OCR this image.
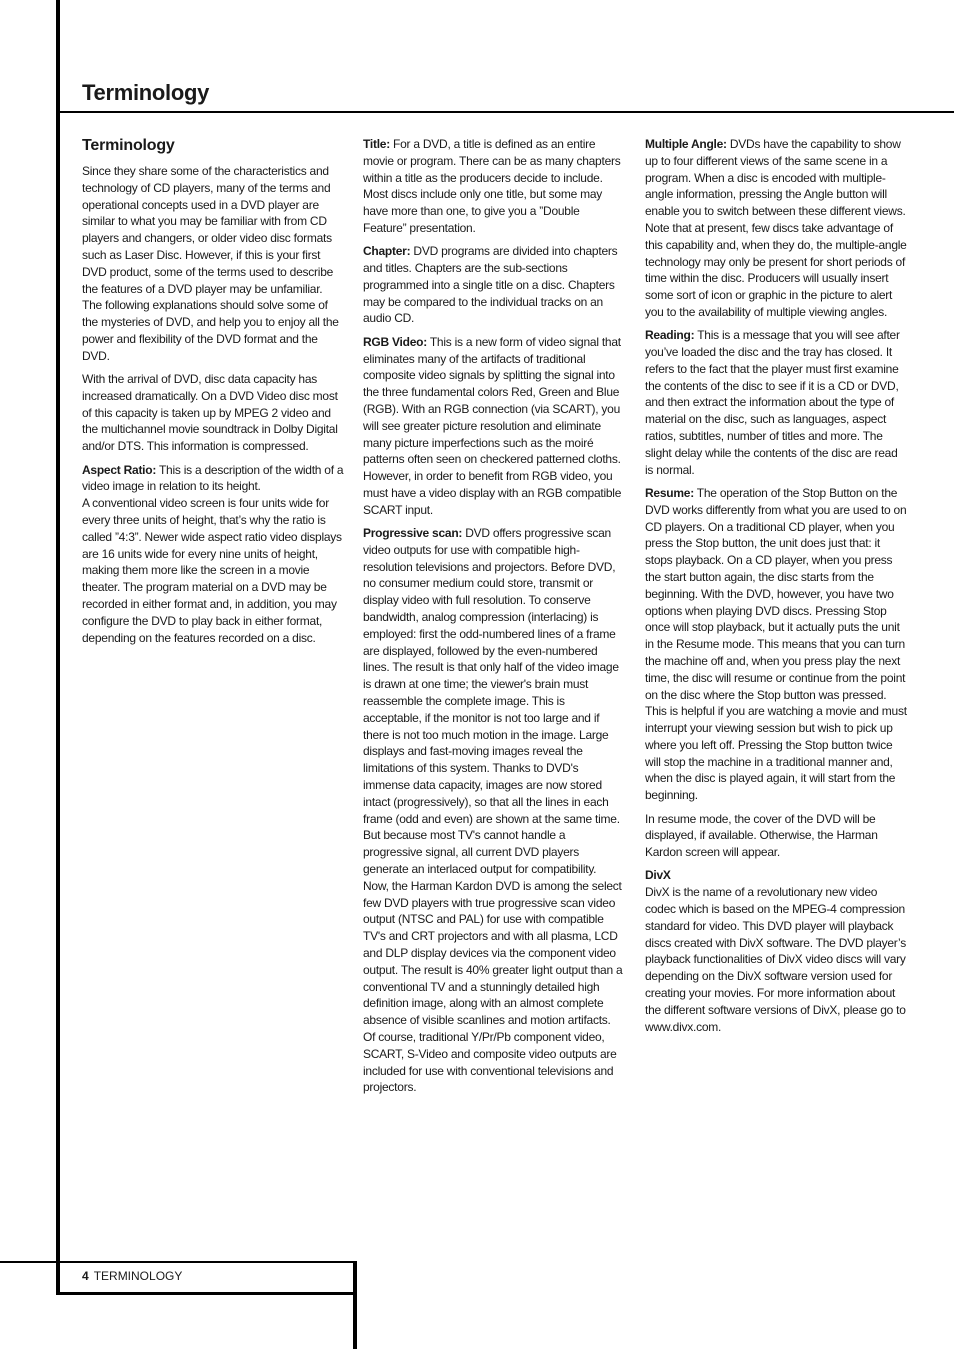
Terminology
Terminology

Since they share some of the characteristics and technology of CD players, many of the terms and operational concepts used in a DVD player are similar to what you may be familiar with from CD players and changers, or older video disc formats such as Laser Disc. However, if this is your first DVD product, some of the terms used to describe the features of a DVD player may be unfamiliar. The following explanations should solve some of the mysteries of DVD, and help you to enjoy all the power and flexibility of the DVD format and the DVD.

With the arrival of DVD, disc data capacity has increased dramatically. On a DVD Video disc most of this capacity is taken up by MPEG 2 video and the multichannel movie soundtrack in Dolby Digital and/or DTS. This information is compressed.

Aspect Ratio: This is a description of the width of a video image in relation to its height.
A conventional video screen is four units wide for every three units of height, that’s why the ratio is called ”4:3”. Newer wide aspect ratio video displays are 16 units wide for every nine units of height, making them more like the screen in a movie theater. The program material on a DVD may be recorded in either format and, in addition, you may configure the DVD to play back in either format, depending on the features recorded on a disc.

Title: For a DVD, a title is defined as an entire movie or program. There can be as many chapters within a title as the producers decide to include. Most discs include only one title, but some may have more than one, to give you a ”Double Feature” presentation.

Chapter: DVD programs are divided into chapters and titles. Chapters are the sub-sections programmed into a single title on a disc. Chapters may be compared to the individual tracks on an audio CD.

RGB Video: This is a new form of video signal that eliminates many of the artifacts of traditional composite video signals by splitting the signal into the three fundamental colors Red, Green and Blue (RGB). With an RGB connection (via SCART), you will see greater picture resolution and eliminate many picture imperfections such as the moiré patterns often seen on checkered patterned cloths. However, in order to benefit from RGB video, you must have a video display with an RGB compatible SCART input.

Progressive scan: DVD offers progressive scan video outputs for use with compatible high-resolution televisions and projectors. Before DVD, no consumer medium could store, transmit or display video with full resolution. To conserve bandwidth, analog compression (interlacing) is employed: first the odd-numbered lines of a frame are displayed, followed by the even-numbered lines. The result is that only half of the video image is drawn at one time; the viewer's brain must reassemble the complete image. This is acceptable, if the monitor is not too large and if there is not too much motion in the image. Large displays and fast-moving images reveal the limitations of this system. Thanks to DVD's immense data capacity, images are now stored intact (progressively), so that all the lines in each frame (odd and even) are shown at the same time. But because most TV's cannot handle a progressive signal, all current DVD players generate an interlaced output for compatibility. Now, the Harman Kardon DVD is among the select few DVD players with true progressive scan video output (NTSC and PAL) for use with compatible TV's and CRT projectors and with all plasma, LCD and DLP display devices via the component video output. The result is 40% greater light output than a conventional TV and a stunningly detailed high definition image, along with an almost complete absence of visible scanlines and motion artifacts. Of course, traditional Y/Pr/Pb component video, SCART, S-Video and composite video outputs are included for use with conventional televisions and projectors.

Multiple Angle: DVDs have the capability to show up to four different views of the same scene in a program. When a disc is encoded with multiple-angle information, pressing the Angle button will enable you to switch between these different views. Note that at present, few discs take advantage of this capability and, when they do, the multiple-angle technology may only be present for short periods of time within the disc. Producers will usually insert some sort of icon or graphic in the picture to alert you to the availability of multiple viewing angles.

Reading: This is a message that you will see after you’ve loaded the disc and the tray has closed. It refers to the fact that the player must first examine the contents of the disc to see if it is a CD or DVD, and then extract the information about the type of material on the disc, such as languages, aspect ratios, subtitles, number of titles and more. The slight delay while the contents of the disc are read is normal.

Resume: The operation of the Stop Button on the DVD works differently from what you are used to on CD players. On a traditional CD player, when you press the Stop button, the unit does just that: it stops playback. On a CD player, when you press the start button again, the disc starts from the beginning. With the DVD, however, you have two options when playing DVD discs. Pressing Stop once will stop playback, but it actually puts the unit in the Resume mode. This means that you can turn the machine off and, when you press play the next time, the disc will resume or continue from the point on the disc where the Stop button was pressed. This is helpful if you are watching a movie and must interrupt your viewing session but wish to pick up where you left off. Pressing the Stop button twice will stop the machine in a traditional manner and, when the disc is played again, it will start from the beginning.

In resume mode, the cover of the DVD will be displayed, if available. Otherwise, the Harman Kardon screen will appear.

DivX
DivX is the name of a revolutionary new video codec which is based on the MPEG-4 compression standard for video. This DVD player will playback discs created with DivX software. The DVD player’s playback functionalities of DivX video discs will vary depending on the DivX software version used for creating your movies. For more information about the different software versions of DivX, please go to www.divx.com.

4 TERMINOLOGY
